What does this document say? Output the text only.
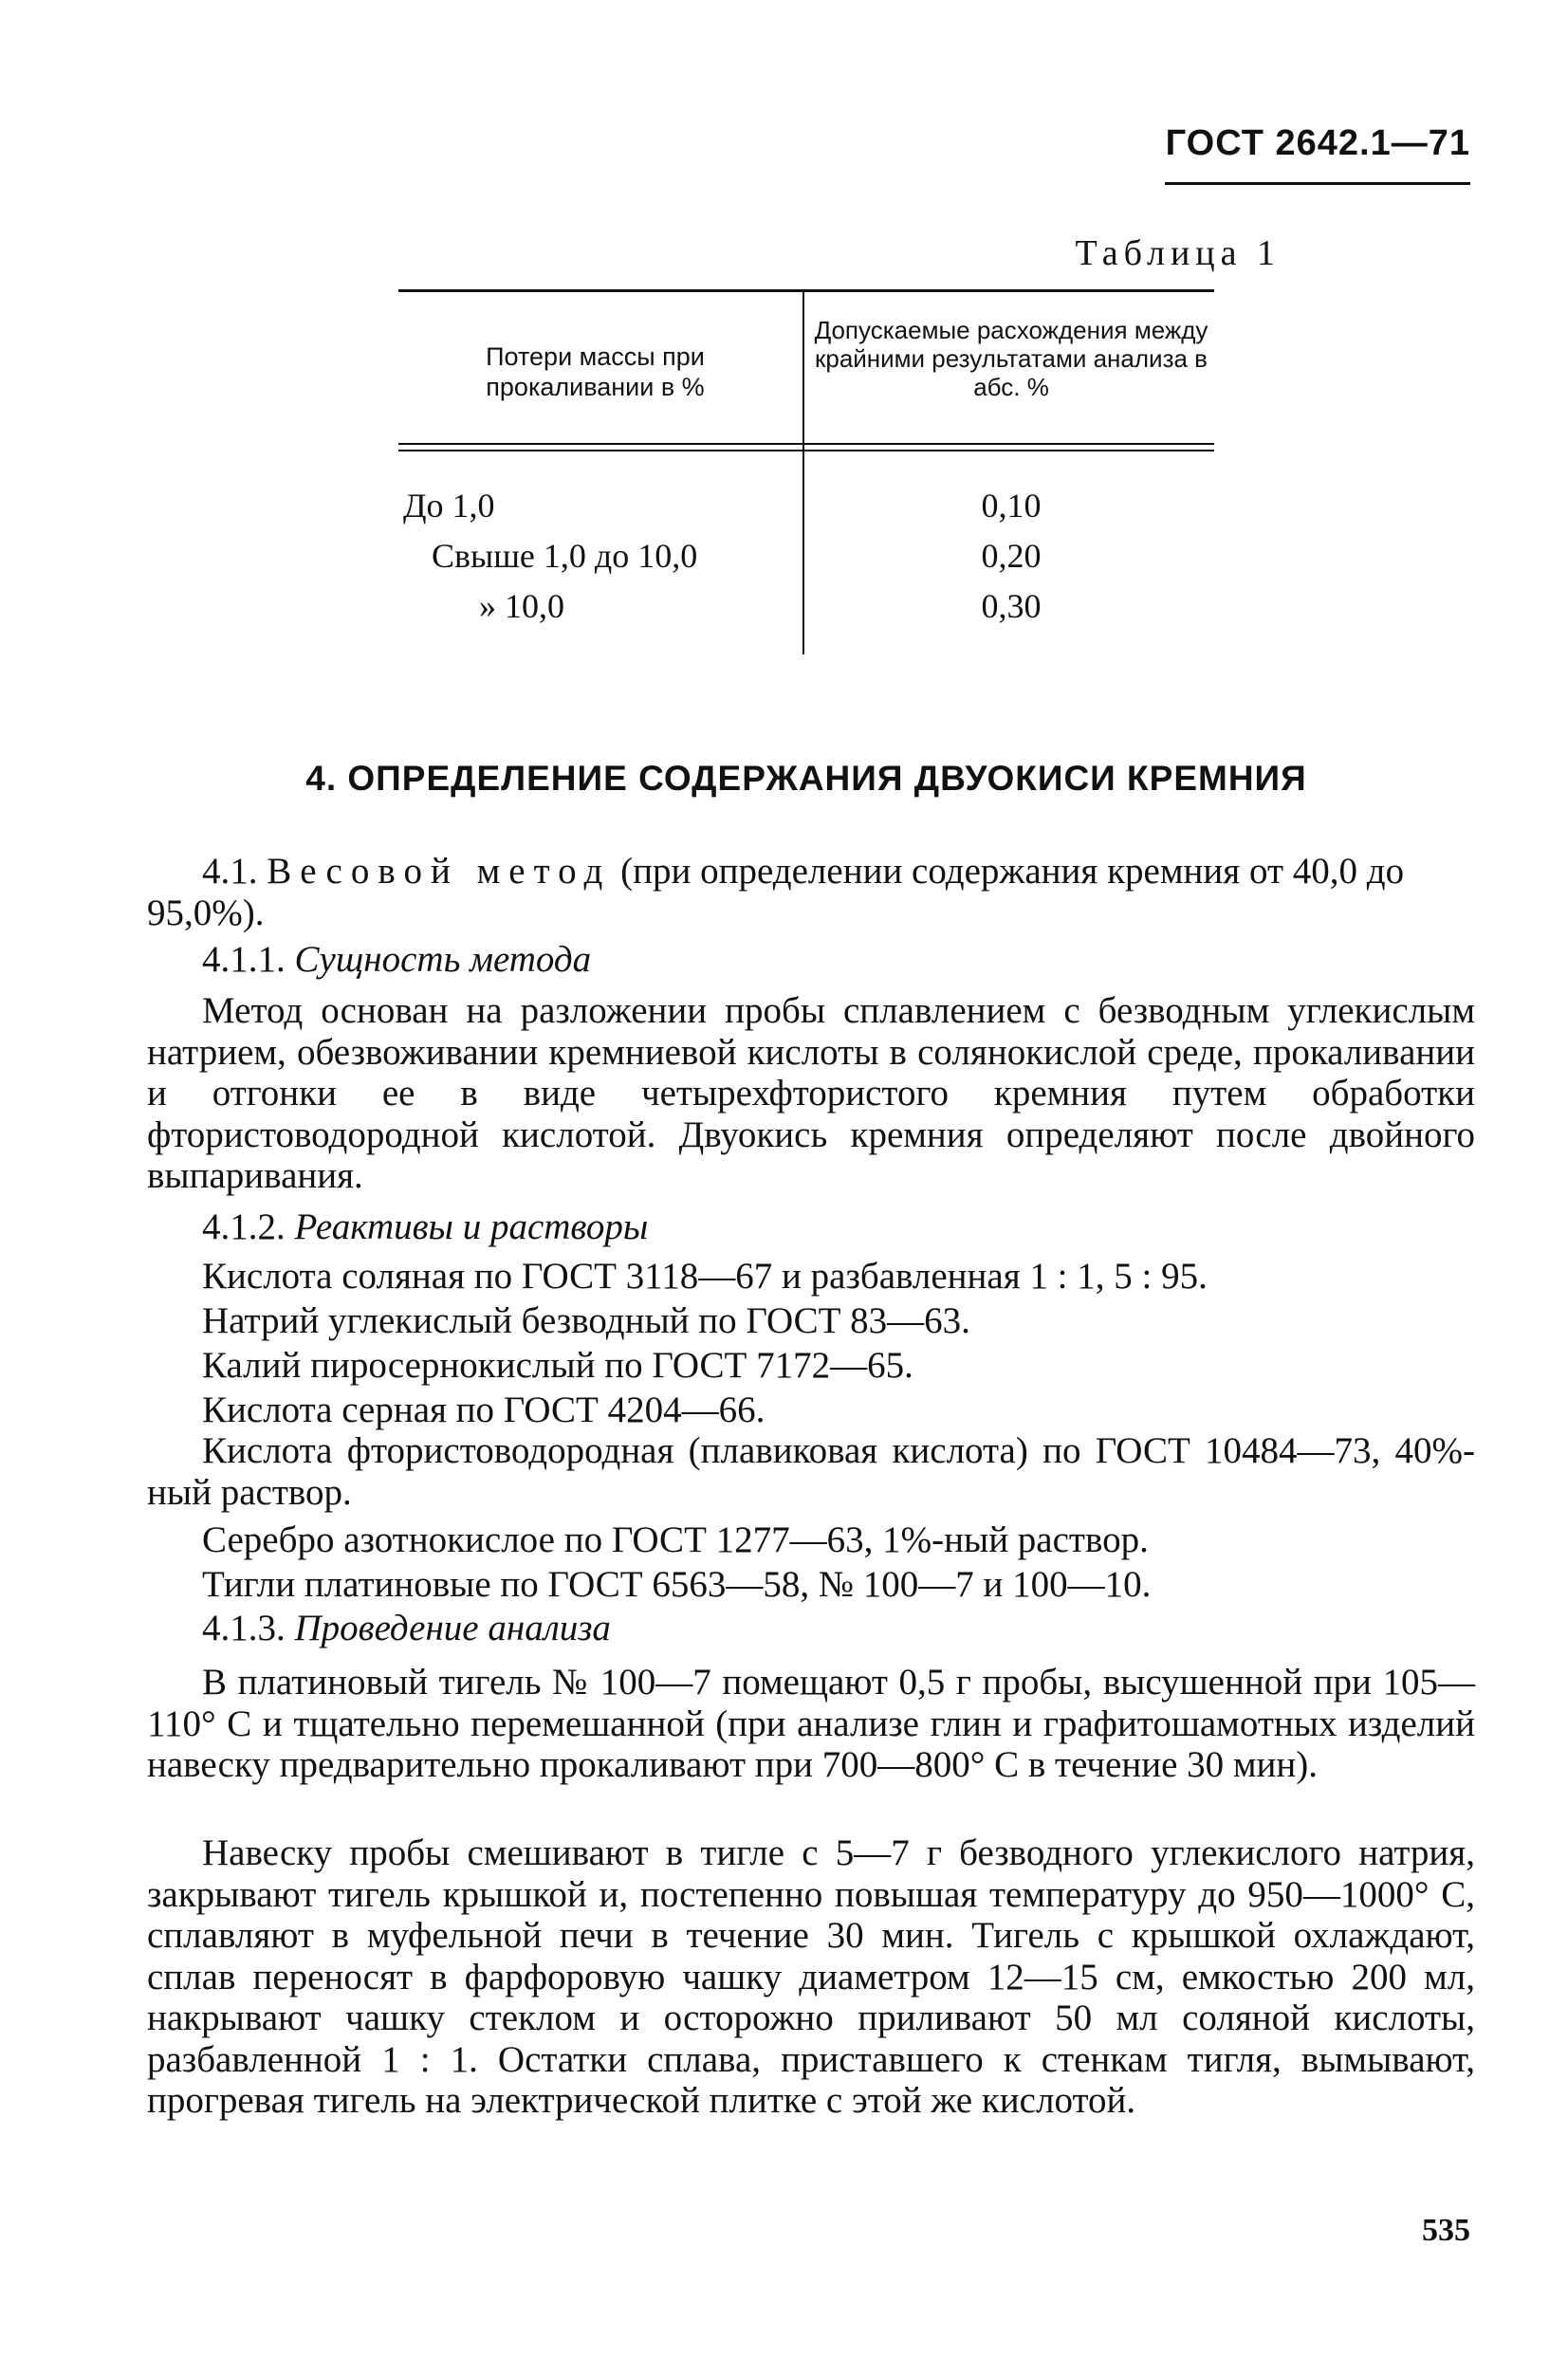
ГОСТ 2642.1—71
Таблица 1
Потери массы при прокаливании в %
Допускаемые расхождения между крайними результатами анализа в абс. %
До 1,0	0,10
Свыше 1,0 до 10,0	0,20
» 10,0	0,30
4. ОПРЕДЕЛЕНИЕ СОДЕРЖАНИЯ ДВУОКИСИ КРЕМНИЯ

4.1. Весовой метод (при определении содержания кремния от 40,0 до 95,0%).

4.1.1. Сущность метода

Метод основан на разложении пробы сплавлением с безводным углекислым натрием, обезвоживании кремниевой кислоты в солянокислой среде, прокаливании и отгонки ее в виде четырехфтористого кремния путем обработки фтористоводородной кислотой. Двуокись кремния определяют после двойного выпаривания.

4.1.2. Реактивы и растворы

Кислота соляная по ГОСТ 3118—67 и разбавленная 1 : 1, 5 : 95.
Натрий углекислый безводный по ГОСТ 83—63.
Калий пиросернокислый по ГОСТ 7172—65.
Кислота серная по ГОСТ 4204—66.

Кислота фтористоводородная (плавиковая кислота) по ГОСТ 10484—73, 40%-ный раствор.

Серебро азотнокислое по ГОСТ 1277—63, 1%-ный раствор.
Тигли платиновые по ГОСТ 6563—58, № 100—7 и 100—10.

4.1.3. Проведение анализа

В платиновый тигель № 100—7 помещают 0,5 г пробы, высушенной при 105—110° С и тщательно перемешанной (при анализе глин и графитошамотных изделий навеску предварительно прокаливают при 700—800° С в течение 30 мин).

Навеску пробы смешивают в тигле с 5—7 г безводного углекислого натрия, закрывают тигель крышкой и, постепенно повышая температуру до 950—1000° С, сплавляют в муфельной печи в течение 30 мин. Тигель с крышкой охлаждают, сплав переносят в фарфоровую чашку диаметром 12—15 см, емкостью 200 мл, накрывают чашку стеклом и осторожно приливают 50 мл соляной кислоты, разбавленной 1 : 1. Остатки сплава, приставшего к стенкам тигля, вымывают, прогревая тигель на электрической плитке с этой же кислотой.

535
